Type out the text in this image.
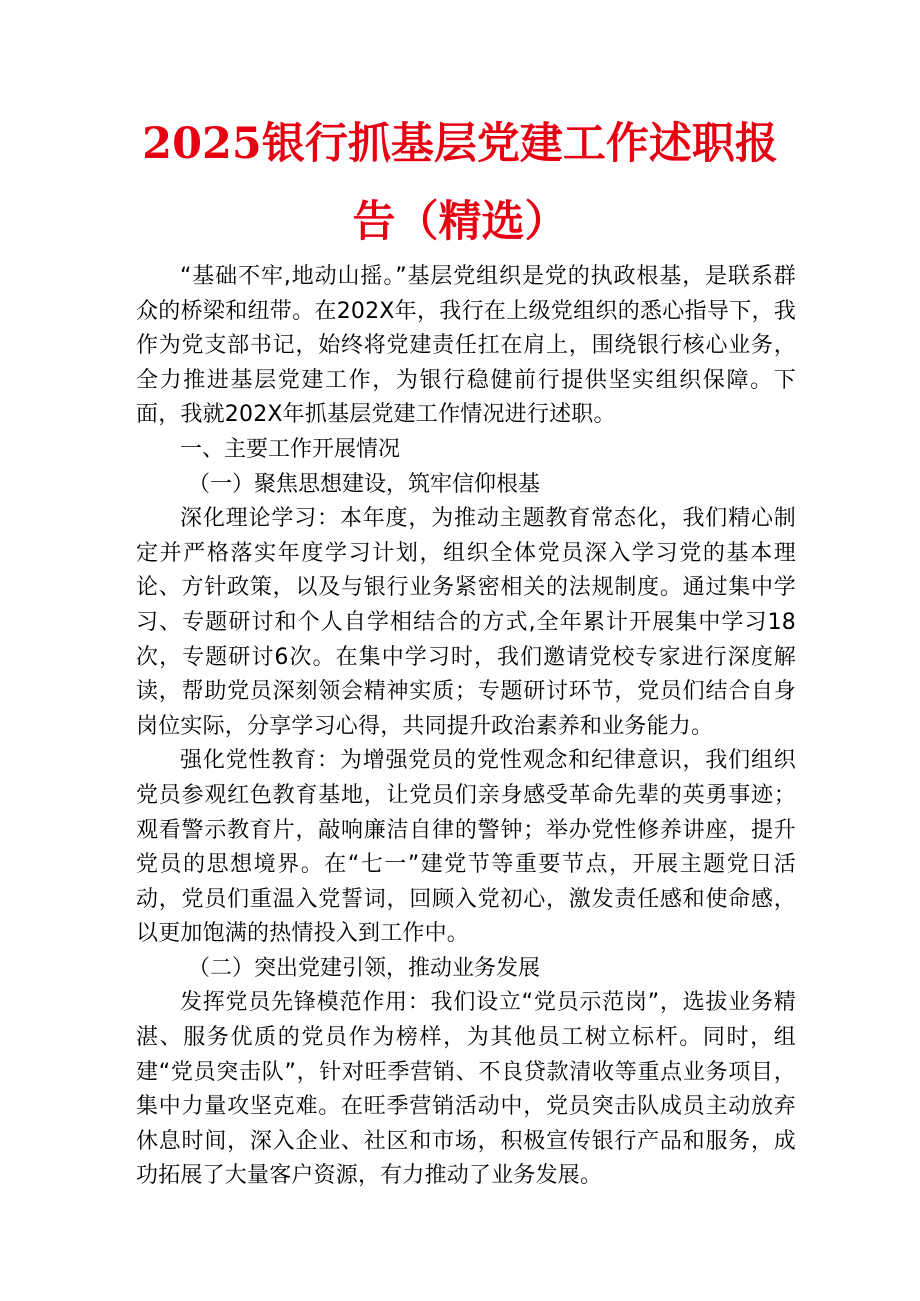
2025银行抓基层党建工作述职报
告（精选）

“基础不牢,地动山摇。”基层党组织是党的执政根基，是联系群众的桥梁和纽带。在202X年，我行在上级党组织的悉心指导下，我作为党支部书记，始终将党建责任扛在肩上，围绕银行核心业务，全力推进基层党建工作，为银行稳健前行提供坚实组织保障。下面，我就202X年抓基层党建工作情况进行述职。

一、主要工作开展情况

（一）聚焦思想建设，筑牢信仰根基

深化理论学习：本年度，为推动主题教育常态化，我们精心制定并严格落实年度学习计划，组织全体党员深入学习党的基本理论、方针政策，以及与银行业务紧密相关的法规制度。通过集中学习、专题研讨和个人自学相结合的方式,全年累计开展集中学习18次，专题研讨6次。在集中学习时，我们邀请党校专家进行深度解读，帮助党员深刻领会精神实质；专题研讨环节，党员们结合自身岗位实际，分享学习心得，共同提升政治素养和业务能力。

强化党性教育：为增强党员的党性观念和纪律意识，我们组织党员参观红色教育基地，让党员们亲身感受革命先辈的英勇事迹；观看警示教育片，敲响廉洁自律的警钟；举办党性修养讲座，提升党员的思想境界。在“七一”建党节等重要节点，开展主题党日活动，党员们重温入党誓词，回顾入党初心，激发责任感和使命感，以更加饱满的热情投入到工作中。

（二）突出党建引领，推动业务发展

发挥党员先锋模范作用：我们设立“党员示范岗”，选拔业务精湛、服务优质的党员作为榜样，为其他员工树立标杆。同时，组建“党员突击队”，针对旺季营销、不良贷款清收等重点业务项目，集中力量攻坚克难。在旺季营销活动中，党员突击队成员主动放弃休息时间，深入企业、社区和市场，积极宣传银行产品和服务，成功拓展了大量客户资源，有力推动了业务发展。
